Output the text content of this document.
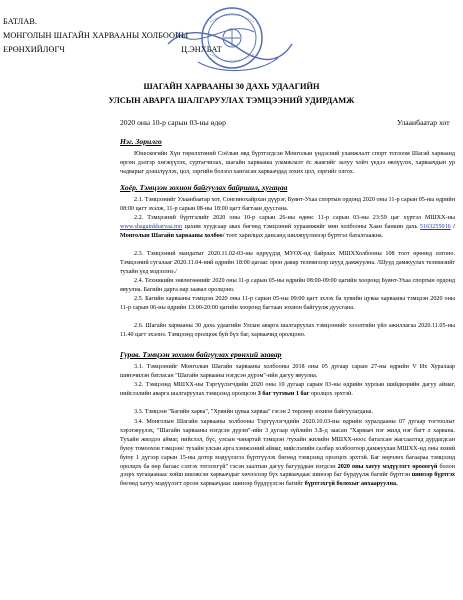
БАТЛАВ.
МОНГОЛЫН ШАГАЙН ХАРВААНЫ ХОЛБООНЫ
ЕРӨНХИЙЛӨГЧ	Ц.ЭНХБАТ
ШАГАЙН ХАРВААНЫ 30 ДАХЬ УДААГИЙН
УЛСЫН АВАРГА ШАЛГАРУУЛАХ ТЭМЦЭЭНИЙ УДИРДАМЖ
2020 оны 10-р сарын 03-ны өдөр	Улаанбаатар хот
Нэг. Зорилго
Юнескогийн Хүн төрөлхтөний Соёлын өвд бүртгэгдсэн Монголын үндэсний уламжлалт спорт тоглоом Шагай харваанд өргөн дэлгэр хөгжүүлэх, суртагчилах, шагайн харвааны уламжлалт ёс жаягийг залуу хойч үедээ өвлүүлэх, харваачдын ур чадварыг дээшлүүлэх, цол, зэргийн болзол хангасан харваачдад зохих цол, зэргийг олгох.
Хоёр. Тэмцээн зохион байгуулах байршил, хугацаа
2.1. Тэмцээнийг Улаанбаатар хот, Сонгинохайрхан дүүрэг, Буянт-Ухаа спортын ордонд 2020 оны 11-р сарын 05-ны өдрийн 08:00 цагт эхэлж, 11-р сарын 08-ны 18:00 цагт багтаан дуусгана.
2.2. Тэмцээний бүртгэлийг 2020 оны 10-р сарын 26-ны өдөөс 11-р сарын 03-ны 23:59 цаг хүртэл МШХХ-ны www.shagainkharvaa.mn цахим хуудсаар авах бөгөөд тэмцээний хураамжийг мөн холбооны Хаан банкин дахь 5163255016 /Монголын Шагайн харвааны холбоо/ тоот харилцах дансанд шилжүүлэнээр бүртгэл баталгаажна.
2.3. Тэмцээний мандатыг 2020.11.02-03-ны өдрүүдэд МУОХ-нд байрлах МШХХолбооны 108 тоот өрөөнд олгоно. Тэмцээний сугалааг 2020.11.04-ний өдрийн 18:00 цагаас орон даяар телевизээр шууд дамжуулна. /Шууд дамжуулах телевизийг тухайн үед мэдээлнэ./
2.4. Техникийн зөвлөгөөнийг 2020 оны 11-р сарын 05-ны өдрийн 08:00-09:00 цагийн хооронд Буянт-Ухаа спортын ордонд явуулна. Багийн дарга нар заавал оролцоно.
2.5. Багийн харвааны тэмцээн 2020 оны 11-р сарын 05-ны 09:00 цагт эхлэх ба хувийн цуваа харвааны тэмцээн 2020 оны 11-р сарын 06-ны өдрийн 13:00-20:00 цагийн хооронд багтаан зохион байгуулж дуусгана.
2.6. Шагайн харвааны 30 дахь удаагийн Улсын аварга шалгаруулах тэмцээнийг хэзэлтийн үйл ажиллагаа 2020.11.05-ны 11.40 цагт эхэлнэ. Тэмцээнд оролцож буй бүх баг, харваачид оролцоно.
Гурав. Тэмцээн зохион байгуулах ерөнхий заавар
3.1. Тэмцээнийг Монголын Шагайн харвааны холбооны 2018 оны 05 дугаар сарын 27-ны өдрийн V Их Хуралаар шинэчилэн батласан "Шагайн харвааны нэгдсэн дүрэм"-ийн дагуу явуулна.
3.2. Тэмцээнд МШХХ-ны Тэргүүлэгчдийн 2020 оны 10 дугаар сарын 03-ны өдрийн хурлын шийдвэрийн дагуу аймаг, нийслэлийн аварга шалгаруулах тэмцээнд оролцсон 3 баг тутмын 1 баг оролцох эрхтэй.
3.3. Тэмцээн "Багийн харва", "Хувийн цуваа харваа" гэсэн 2 төрлөөр зохион байгуулагдана.
3.4. Монголын Шагайн харвааны холбооны Тэргүүлэгчдийн 2020.10.03-ны өдрийн хуралдааны 07 дугаар тогтоолыг хэрэгжүүлэх, "Шагайн харвааны нэгдсэн дүрэм"-ийн 3 дугаар зүйлийн 3.Б-д заасан "Харваач нэг жилд нэг багт л харвана. Тухайн жилдээ аймаг, нийслэл, бүс, улсын чанартай тэмцээн /тухайн жилийн МШХХ-ноос баталсан жагсаалтад дурдагдсан буюу томоохон тэмцээн/ тухайн улсын арга хэмжээний аймаг, нийслэлийн салбар холбоогоор дамжуулан МШХХ-нд оны эхний буюу 1 дүгээр сарын 15-ны дотор мэдүүлэгээ бүртгүүлэх бөгөөд тэмцээнд оролцох эрхтэй. Баг өөрчлөх багаараа тэмцээнд оролцох ба өөр багаас сэлгэх тоглохгүй" гэсэн заалтын дагуу багууддын нэгдсэн 2020 оны хатуу мэдүүлэгт орооогүй болон дээрх хугацаанаас хойш шилжсэн харваачдыг хичээлээр бүх харваачдаас шинээр баг бүрдүүлж багийг бүртгэн шинээр бүртгэх бөгөөд хатуу мэдүүлэгт орсон харваачдаас шинээр бүрдүүлсэн багийг бүртгэхгүй болохыг анхааруулна.
